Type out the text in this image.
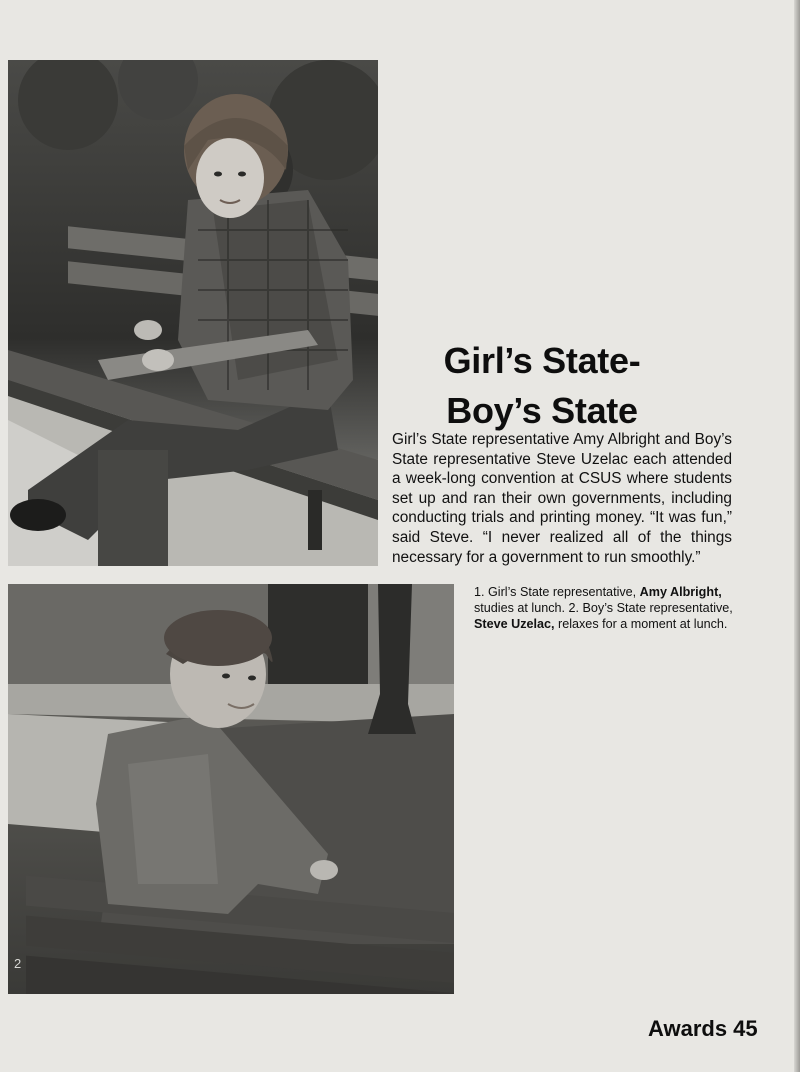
2
Girl’s State-
Boy’s State

Girl’s State representative Amy Albright and Boy’s State representative Steve Uzelac each attended a week-long convention at CSUS where students set up and ran their own governments, including conducting trials and printing money. “It was fun,” said Steve. “I never realized all of the things necessary for a government to run smoothly.”

1. Girl’s State representative, Amy Albright, studies at lunch. 2. Boy’s State representative, Steve Uzelac, relaxes for a moment at lunch.

Awards 45
